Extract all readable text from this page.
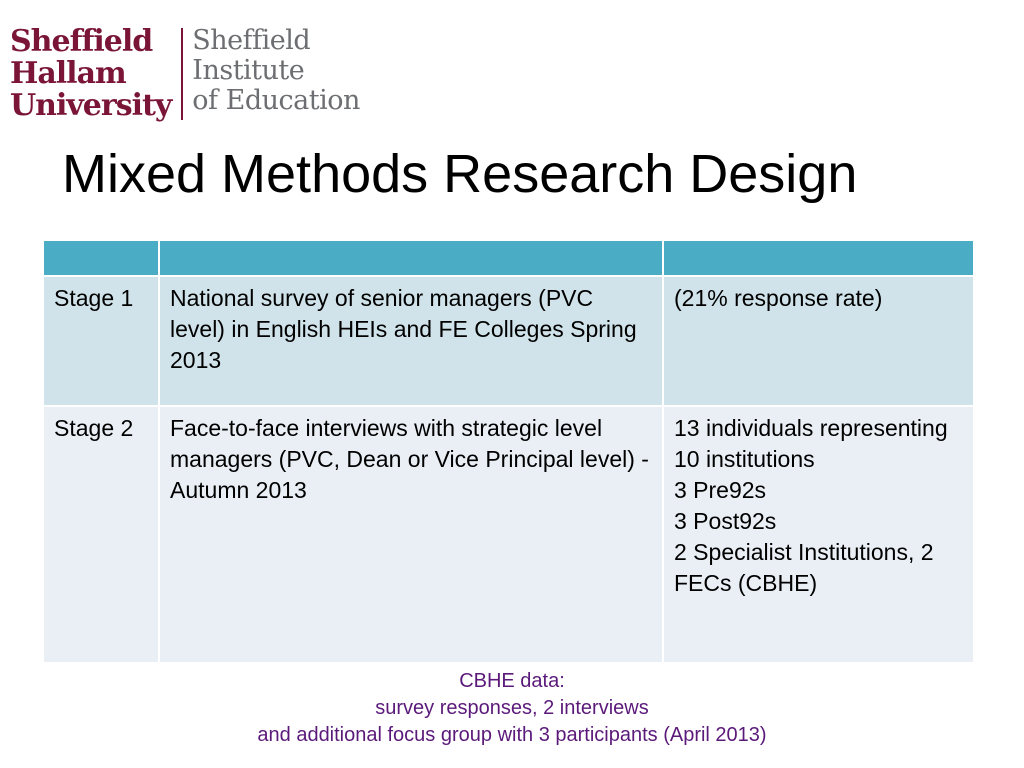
Sheffield
Hallam
University
Sheffield
Institute
of Education
Mixed Methods Research Design

Stage 1	National survey of senior managers (PVC level) in English HEIs and FE Colleges Spring 2013	(21% response rate)

Stage 2	Face-to-face interviews with strategic level managers (PVC, Dean or Vice Principal level) - Autumn 2013	13 individuals representing 10 institutions
3 Pre92s
3 Post92s
2 Specialist Institutions, 2 FECs (CBHE)
CBHE data:
survey responses, 2 interviews
and additional focus group with 3 participants (April 2013)
